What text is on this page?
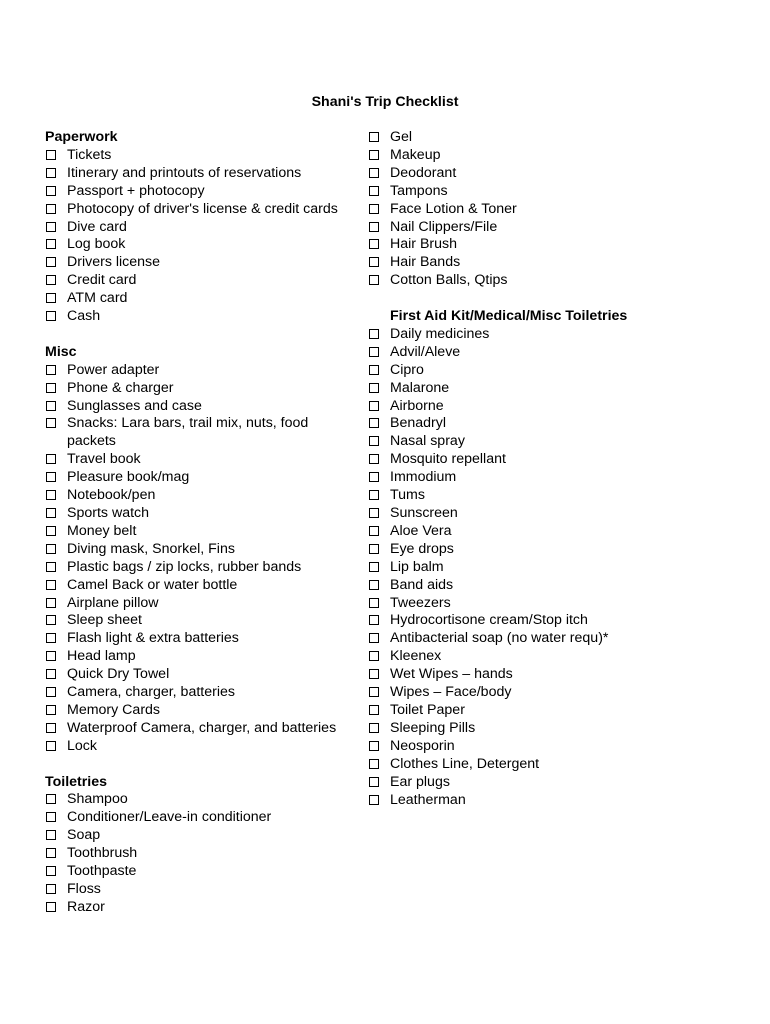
Shani's Trip Checklist
Paperwork
Tickets
Itinerary and printouts of reservations
Passport + photocopy
Photocopy of driver's license & credit cards
Dive card
Log book
Drivers license
Credit card
ATM card
Cash
Misc
Power adapter
Phone & charger
Sunglasses and case
Snacks: Lara bars, trail mix, nuts, food packets
Travel book
Pleasure book/mag
Notebook/pen
Sports watch
Money belt
Diving mask, Snorkel, Fins
Plastic bags / zip locks, rubber bands
Camel Back or water bottle
Airplane pillow
Sleep sheet
Flash light & extra batteries
Head lamp
Quick Dry Towel
Camera, charger, batteries
Memory Cards
Waterproof Camera, charger, and batteries
Lock
Toiletries
Shampoo
Conditioner/Leave-in conditioner
Soap
Toothbrush
Toothpaste
Floss
Razor
Gel
Makeup
Deodorant
Tampons
Face Lotion & Toner
Nail Clippers/File
Hair Brush
Hair Bands
Cotton Balls, Qtips
First Aid Kit/Medical/Misc Toiletries
Daily medicines
Advil/Aleve
Cipro
Malarone
Airborne
Benadryl
Nasal spray
Mosquito repellant
Immodium
Tums
Sunscreen
Aloe Vera
Eye drops
Lip balm
Band aids
Tweezers
Hydrocortisone cream/Stop itch
Antibacterial soap (no water requ)*
Kleenex
Wet Wipes – hands
Wipes – Face/body
Toilet Paper
Sleeping Pills
Neosporin
Clothes Line, Detergent
Ear plugs
Leatherman
